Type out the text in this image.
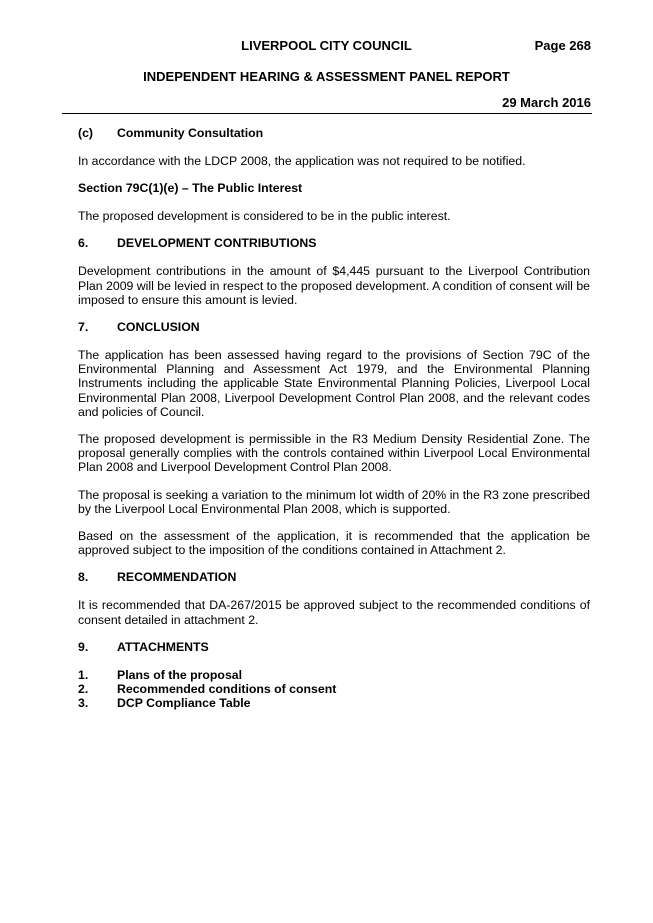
LIVERPOOL CITY COUNCIL	Page 268
INDEPENDENT HEARING & ASSESSMENT PANEL REPORT
29 March 2016

(c) Community Consultation

In accordance with the LDCP 2008, the application was not required to be notified.

Section 79C(1)(e) – The Public Interest

The proposed development is considered to be in the public interest.

6. DEVELOPMENT CONTRIBUTIONS

Development contributions in the amount of $4,445 pursuant to the Liverpool Contribution Plan 2009 will be levied in respect to the proposed development. A condition of consent will be imposed to ensure this amount is levied.

7. CONCLUSION

The application has been assessed having regard to the provisions of Section 79C of the Environmental Planning and Assessment Act 1979, and the Environmental Planning Instruments including the applicable State Environmental Planning Policies, Liverpool Local Environmental Plan 2008, Liverpool Development Control Plan 2008, and the relevant codes and policies of Council.

The proposed development is permissible in the R3 Medium Density Residential Zone. The proposal generally complies with the controls contained within Liverpool Local Environmental Plan 2008 and Liverpool Development Control Plan 2008.

The proposal is seeking a variation to the minimum lot width of 20% in the R3 zone prescribed by the Liverpool Local Environmental Plan 2008, which is supported.

Based on the assessment of the application, it is recommended that the application be approved subject to the imposition of the conditions contained in Attachment 2.

8. RECOMMENDATION

It is recommended that DA-267/2015 be approved subject to the recommended conditions of consent detailed in attachment 2.

9. ATTACHMENTS

1. Plans of the proposal
2. Recommended conditions of consent
3. DCP Compliance Table
